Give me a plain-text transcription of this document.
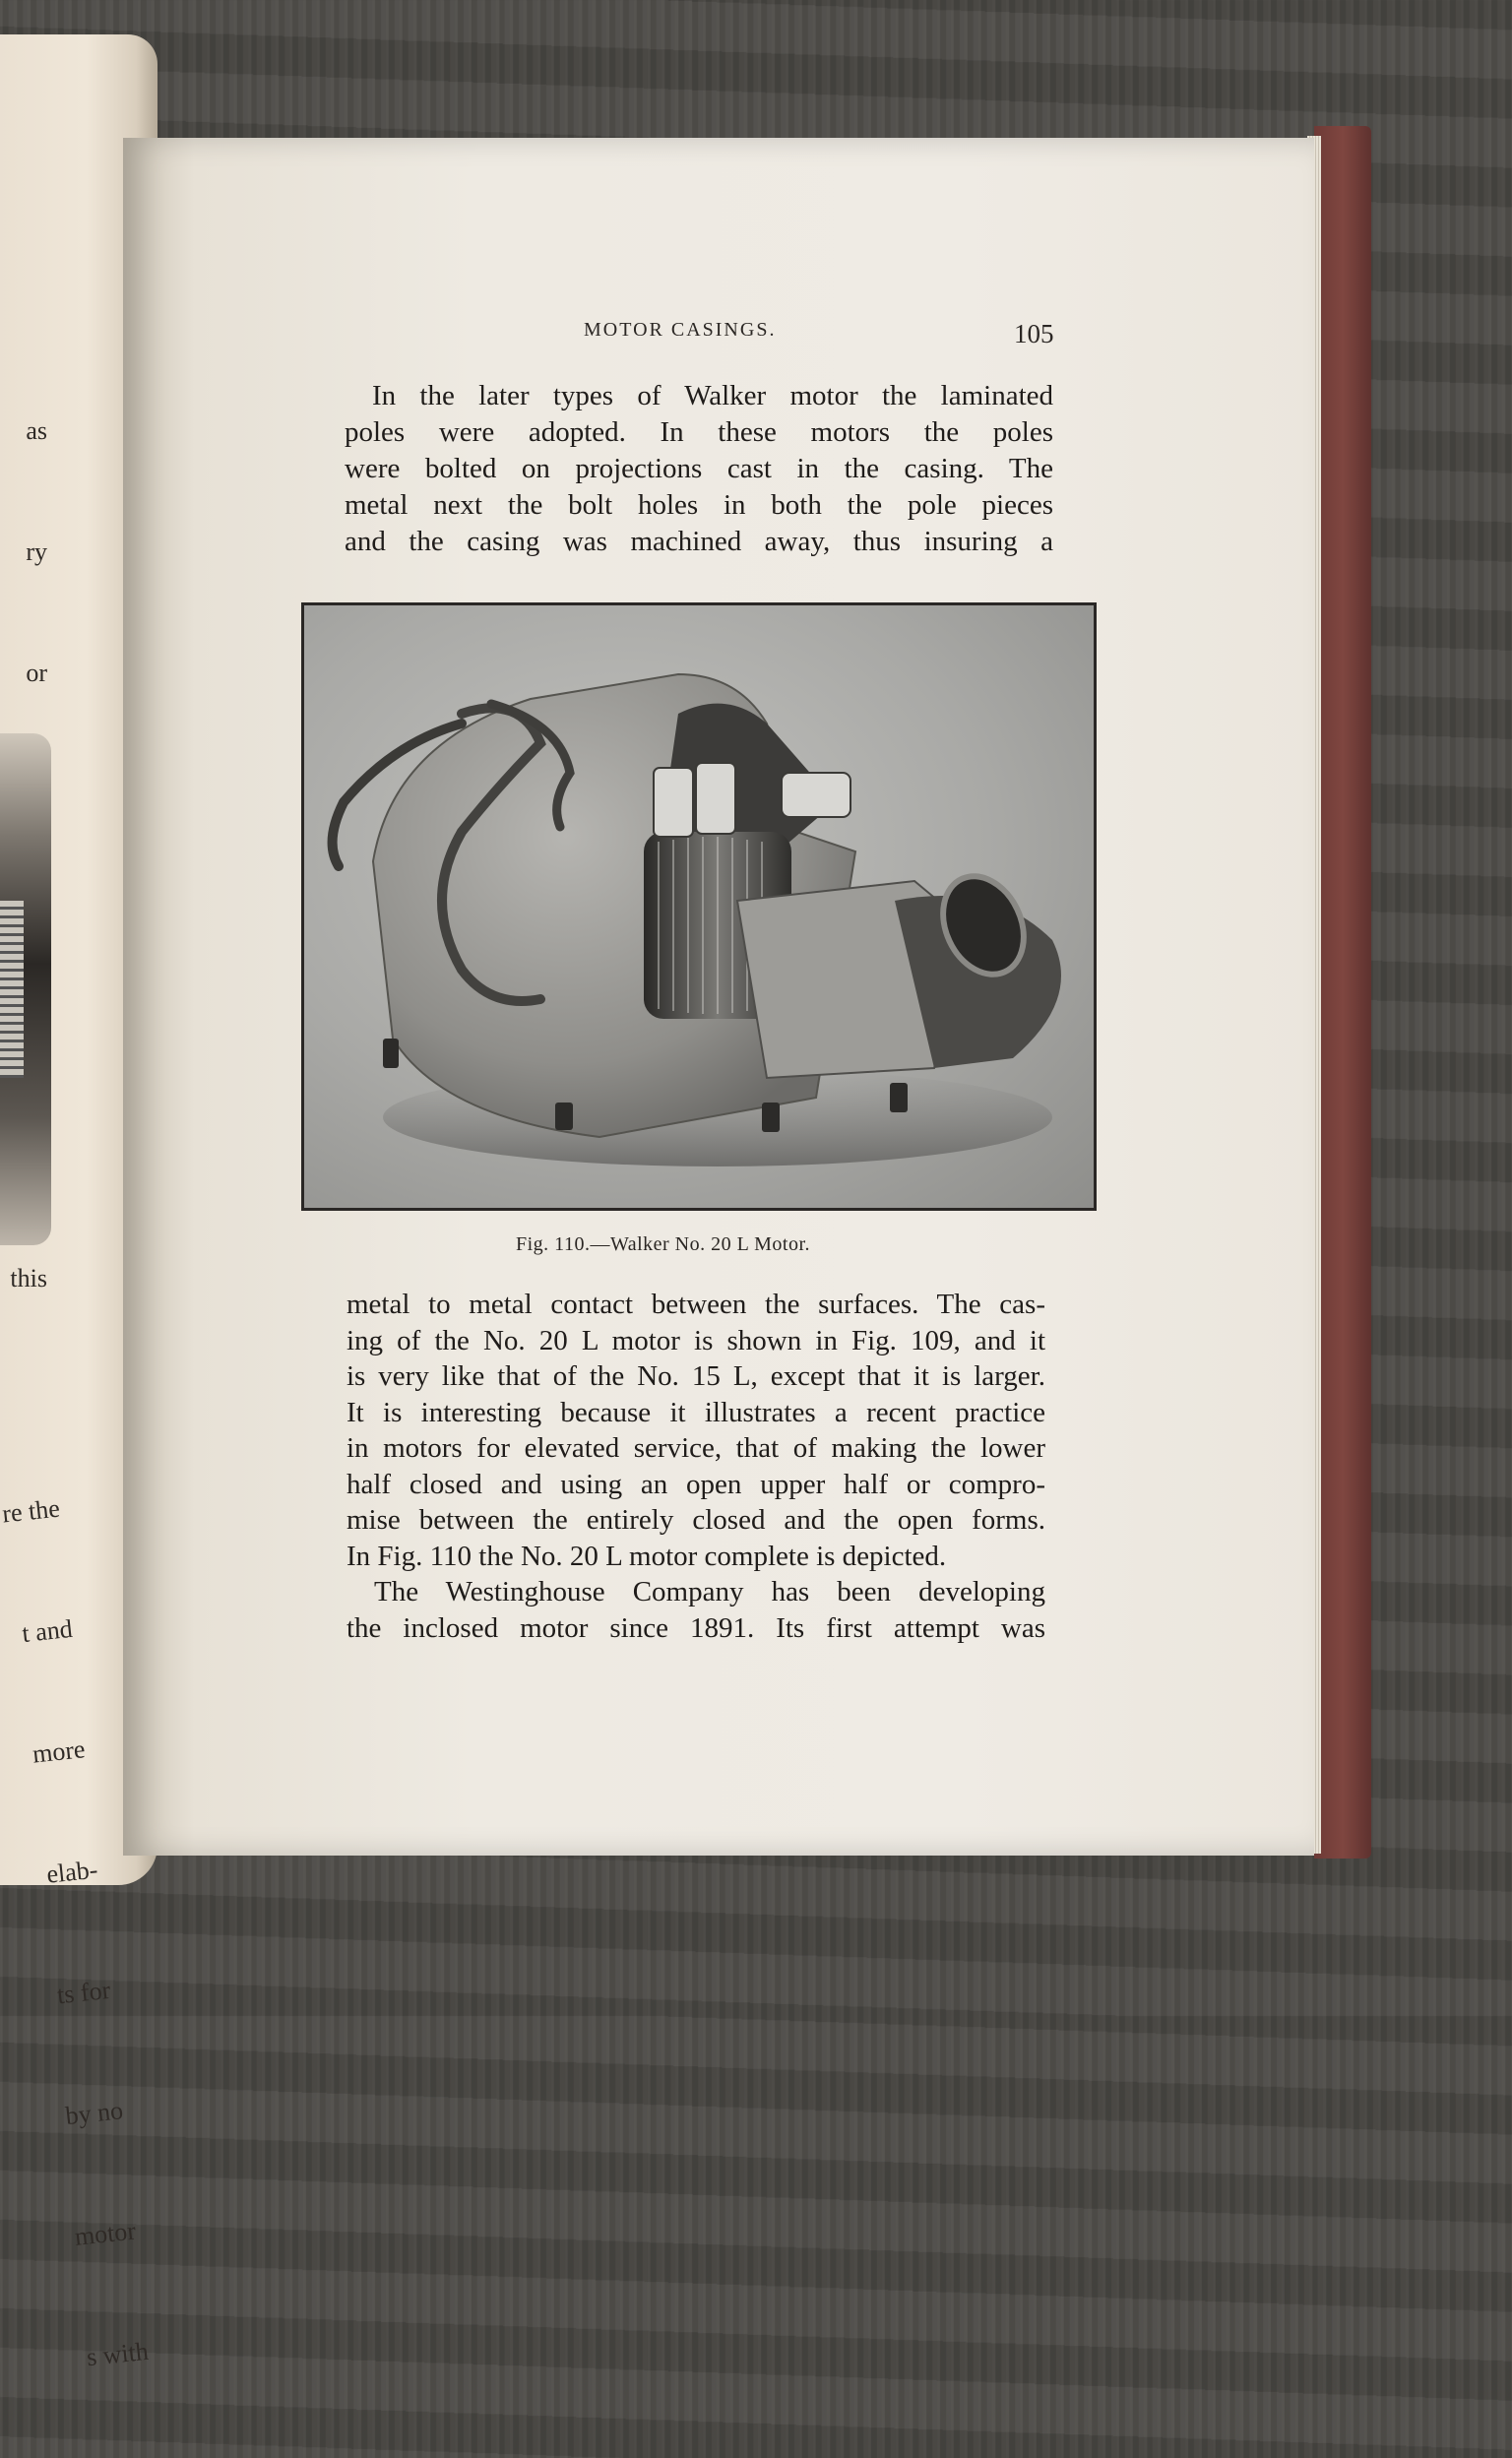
as

ry

or

this

re the

t and

more

elab-

ts for

by no

motor

s with

MOTOR CASINGS.	105
In the later types of Walker motor the laminated
poles were adopted. In these motors the poles
were bolted on projections cast in the casing. The
metal next the bolt holes in both the pole pieces
and the casing was machined away, thus insuring a
Fig. 110.—Walker No. 20 L Motor.
metal to metal contact between the surfaces. The cas-
ing of the No. 20 L motor is shown in Fig. 109, and it
is very like that of the No. 15 L, except that it is larger.
It is interesting because it illustrates a recent practice
in motors for elevated service, that of making the lower
half closed and using an open upper half or compro-
mise between the entirely closed and the open forms.
In Fig. 110 the No. 20 L motor complete is depicted.
The Westinghouse Company has been developing
the inclosed motor since 1891. Its first attempt was
